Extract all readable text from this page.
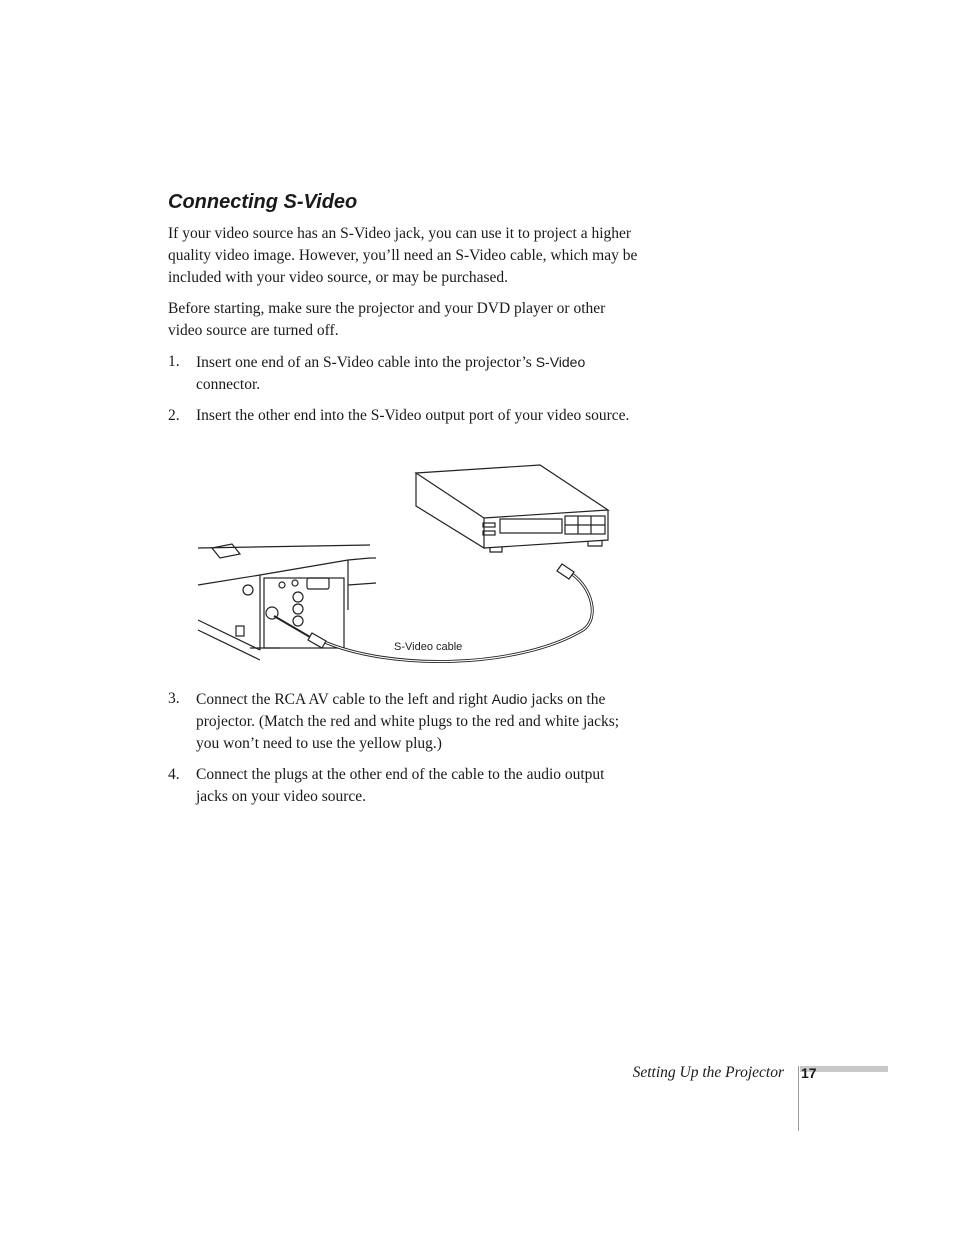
Connecting S-Video

If your video source has an S-Video jack, you can use it to project a higher quality video image. However, you’ll need an S-Video cable, which may be included with your video source, or may be purchased.

Before starting, make sure the projector and your DVD player or other video source are turned off.

1. Insert one end of an S-Video cable into the projector’s S-Video connector.
2. Insert the other end into the S-Video output port of your video source.
3. Connect the RCA AV cable to the left and right Audio jacks on the projector. (Match the red and white plugs to the red and white jacks; you won’t need to use the yellow plug.)
4. Connect the plugs at the other end of the cable to the audio output jacks on your video source.
S-Video cable
Setting Up the Projector 17
